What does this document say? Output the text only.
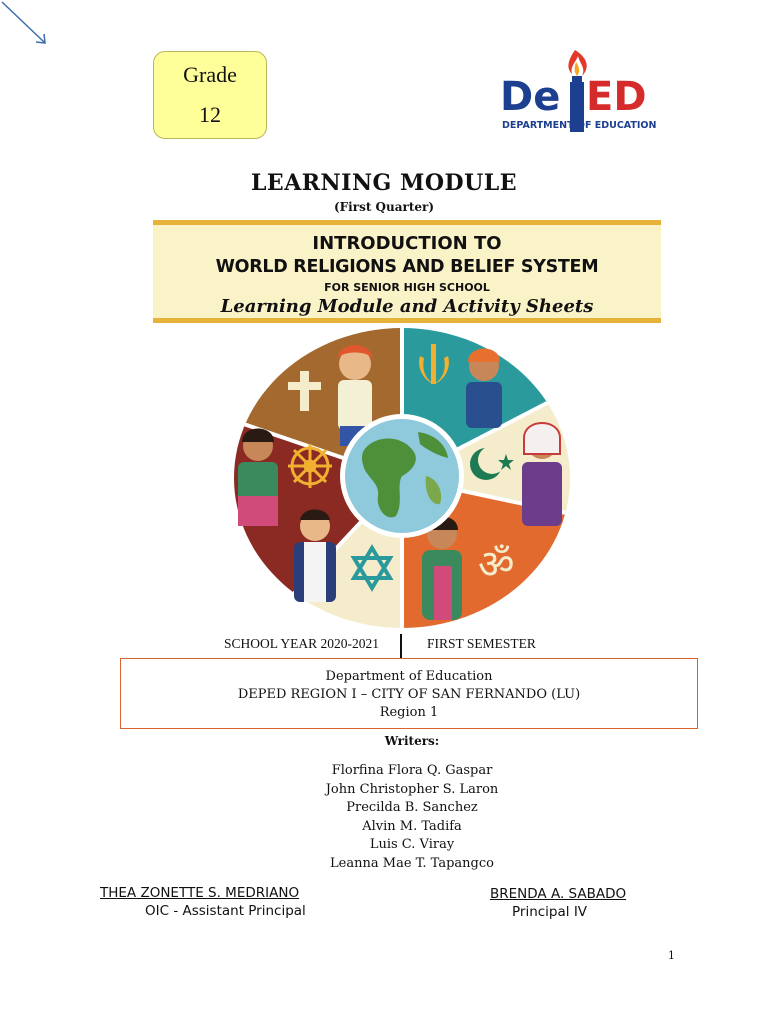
Grade
12	De ED
DEPARTMENT OF EDUCATION
LEARNING MODULE
(First Quarter)
INTRODUCTION TO
WORLD RELIGIONS AND BELIEF SYSTEM
FOR SENIOR HIGH SCHOOL
Learning Module and Activity Sheets
ॐ
SCHOOL YEAR 2020-2021	FIRST SEMESTER
Department of Education
DEPED REGION I – CITY OF SAN FERNANDO (LU)
Region 1
Writers:
Florfina Flora Q. Gaspar
John Christopher S. Laron
Precilda B. Sanchez
Alvin M. Tadifa
Luis C. Viray
Leanna Mae T. Tapangco
THEA ZONETTE S. MEDRIANO
OIC - Assistant Principal
BRENDA A. SABADO
Principal IV
1
